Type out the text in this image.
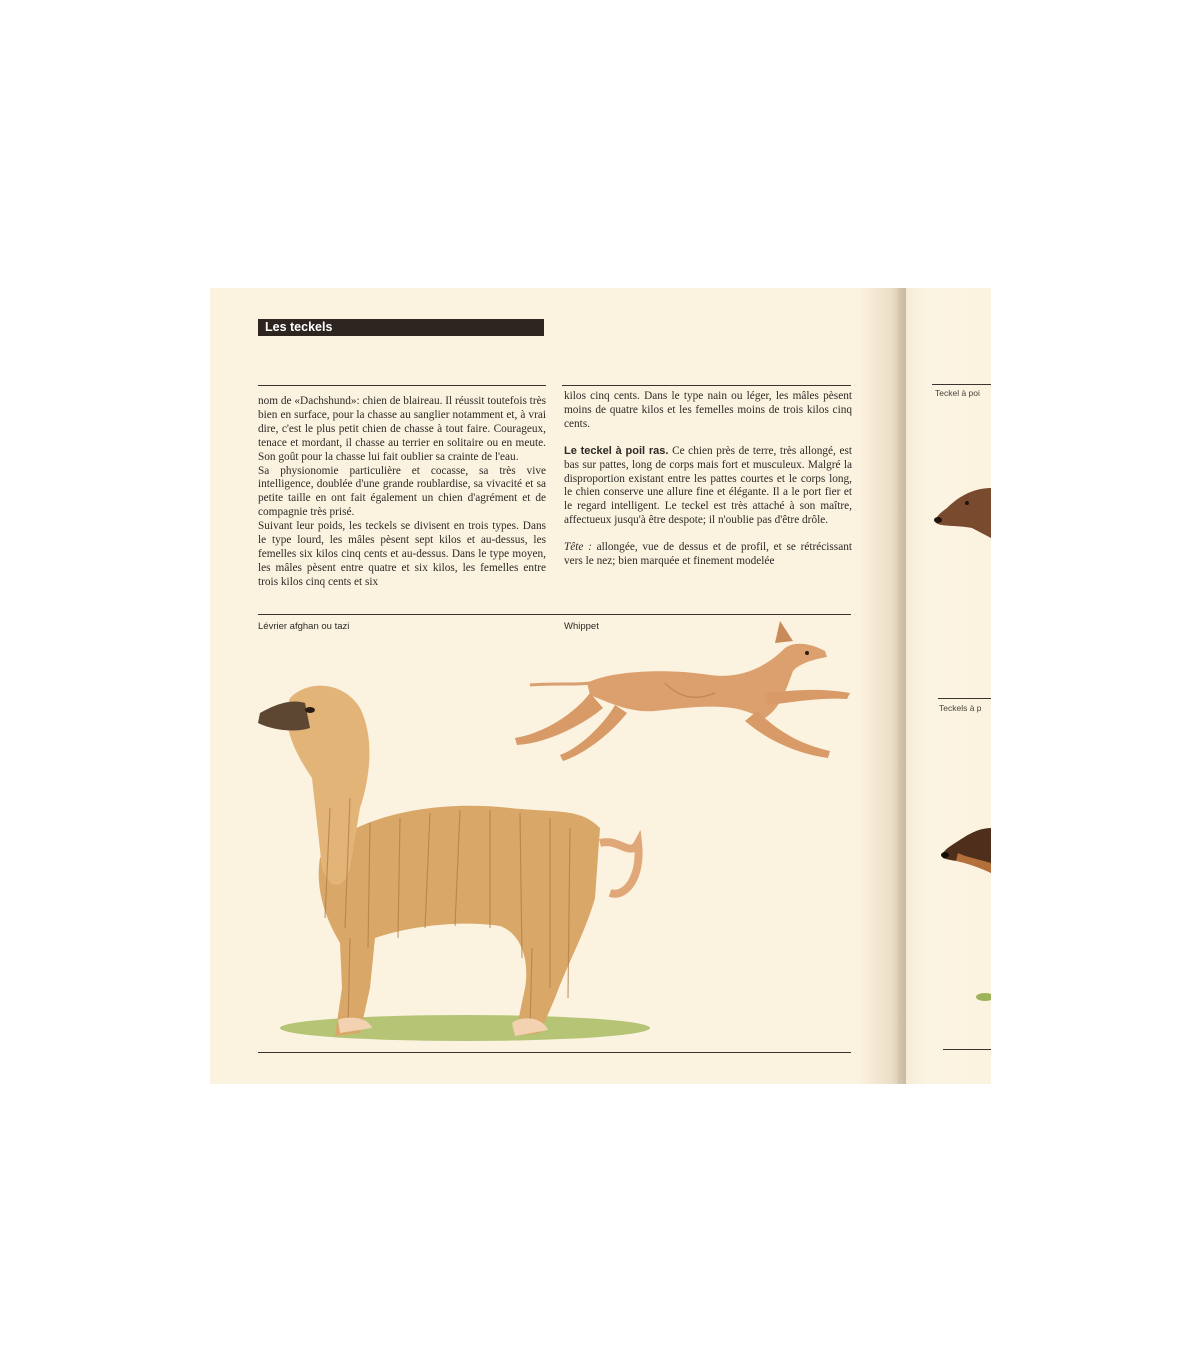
Les teckels

nom de «Dachshund»: chien de blaireau. Il réussit toutefois très bien en surface, pour la chasse au sanglier notamment et, à vrai dire, c'est le plus petit chien de chasse à tout faire. Courageux, tenace et mordant, il chasse au terrier en solitaire ou en meute. Son goût pour la chasse lui fait oublier sa crainte de l'eau.

Sa physionomie particulière et cocasse, sa très vive intelligence, doublée d'une grande roublardise, sa vivacité et sa petite taille en ont fait également un chien d'agrément et de compagnie très prisé.

Suivant leur poids, les teckels se divisent en trois types. Dans le type lourd, les mâles pèsent sept kilos et au-dessus, les femelles six kilos cinq cents et au-dessus. Dans le type moyen, les mâles pèsent entre quatre et six kilos, les femelles entre trois kilos cinq cents et six

kilos cinq cents. Dans le type nain ou léger, les mâles pèsent moins de quatre kilos et les femelles moins de trois kilos cinq cents.

Le teckel à poil ras. Ce chien près de terre, très allongé, est bas sur pattes, long de corps mais fort et musculeux. Malgré la disproportion existant entre les pattes courtes et le corps long, le chien conserve une allure fine et élégante. Il a le port fier et le regard intelligent. Le teckel est très attaché à son maître, affectueux jusqu'à être despote; il n'oublie pas d'être drôle.

Tête : allongée, vue de dessus et de profil, et se rétrécissant vers le nez; bien marquée et finement modelée

Lévrier afghan ou tazi	Whippet
Teckel à poi
Teckels à p
